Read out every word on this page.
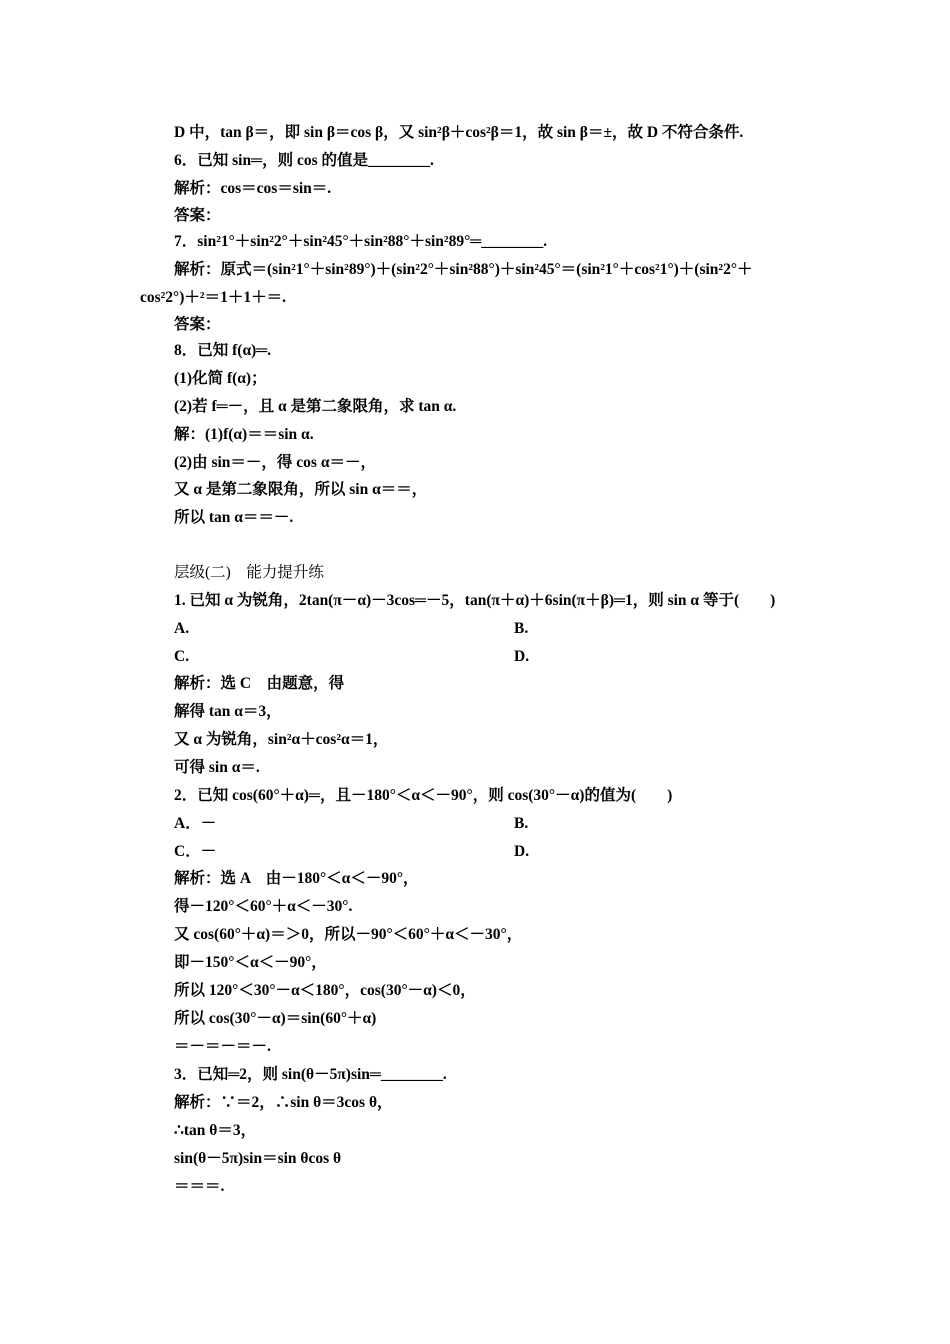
D 中，tan β＝，即 sin β＝cos β，又 sin²β＋cos²β＝1，故 sin β＝±，故 D 不符合条件.
6．已知 sin═，则 cos 的值是________.
解析：cos＝cos＝sin＝.
答案：
7．sin²1°＋sin²2°＋sin²45°＋sin²88°＋sin²89°═________.
解析：原式＝(sin²1°＋sin²89°)＋(sin²2°＋sin²88°)＋sin²45°＝(sin²1°＋cos²1°)＋(sin²2°＋
cos²2°)＋²＝1＋1＋＝.
答案：
8．已知 f(α)═.
(1)化简 f(α)；
(2)若 f═－，且 α 是第二象限角，求 tan α.
解：(1)f(α)＝＝sin α.
(2)由 sin＝－，得 cos α＝－，
又 α 是第二象限角，所以 sin α＝＝，
所以 tan α＝＝－.
层级(二)　能力提升练
1. 已知 α 为锐角，2tan(π－α)－3cos═－5，tan(π＋α)＋6sin(π＋β)═1，则 sin α 等于(　　)
A.	B.
C.	D.
解析：选 C　由题意，得
解得 tan α＝3，
又 α 为锐角，sin²α＋cos²α＝1，
可得 sin α＝.
2．已知 cos(60°＋α)═，且－180°＜α＜－90°，则 cos(30°－α)的值为(　　)
A．－	B.
C．－	D.
解析：选 A　由－180°＜α＜－90°，
得－120°＜60°＋α＜－30°.
又 cos(60°＋α)＝＞0，所以－90°＜60°＋α＜－30°，
即－150°＜α＜－90°，
所以 120°＜30°－α＜180°，cos(30°－α)＜0，
所以 cos(30°－α)＝sin(60°＋α)
＝－＝－＝－.
3．已知═2，则 sin(θ－5π)sin═________.
解析：∵＝2，∴sin θ＝3cos θ，
∴tan θ＝3，
sin(θ－5π)sin＝sin θcos θ
＝＝＝.
